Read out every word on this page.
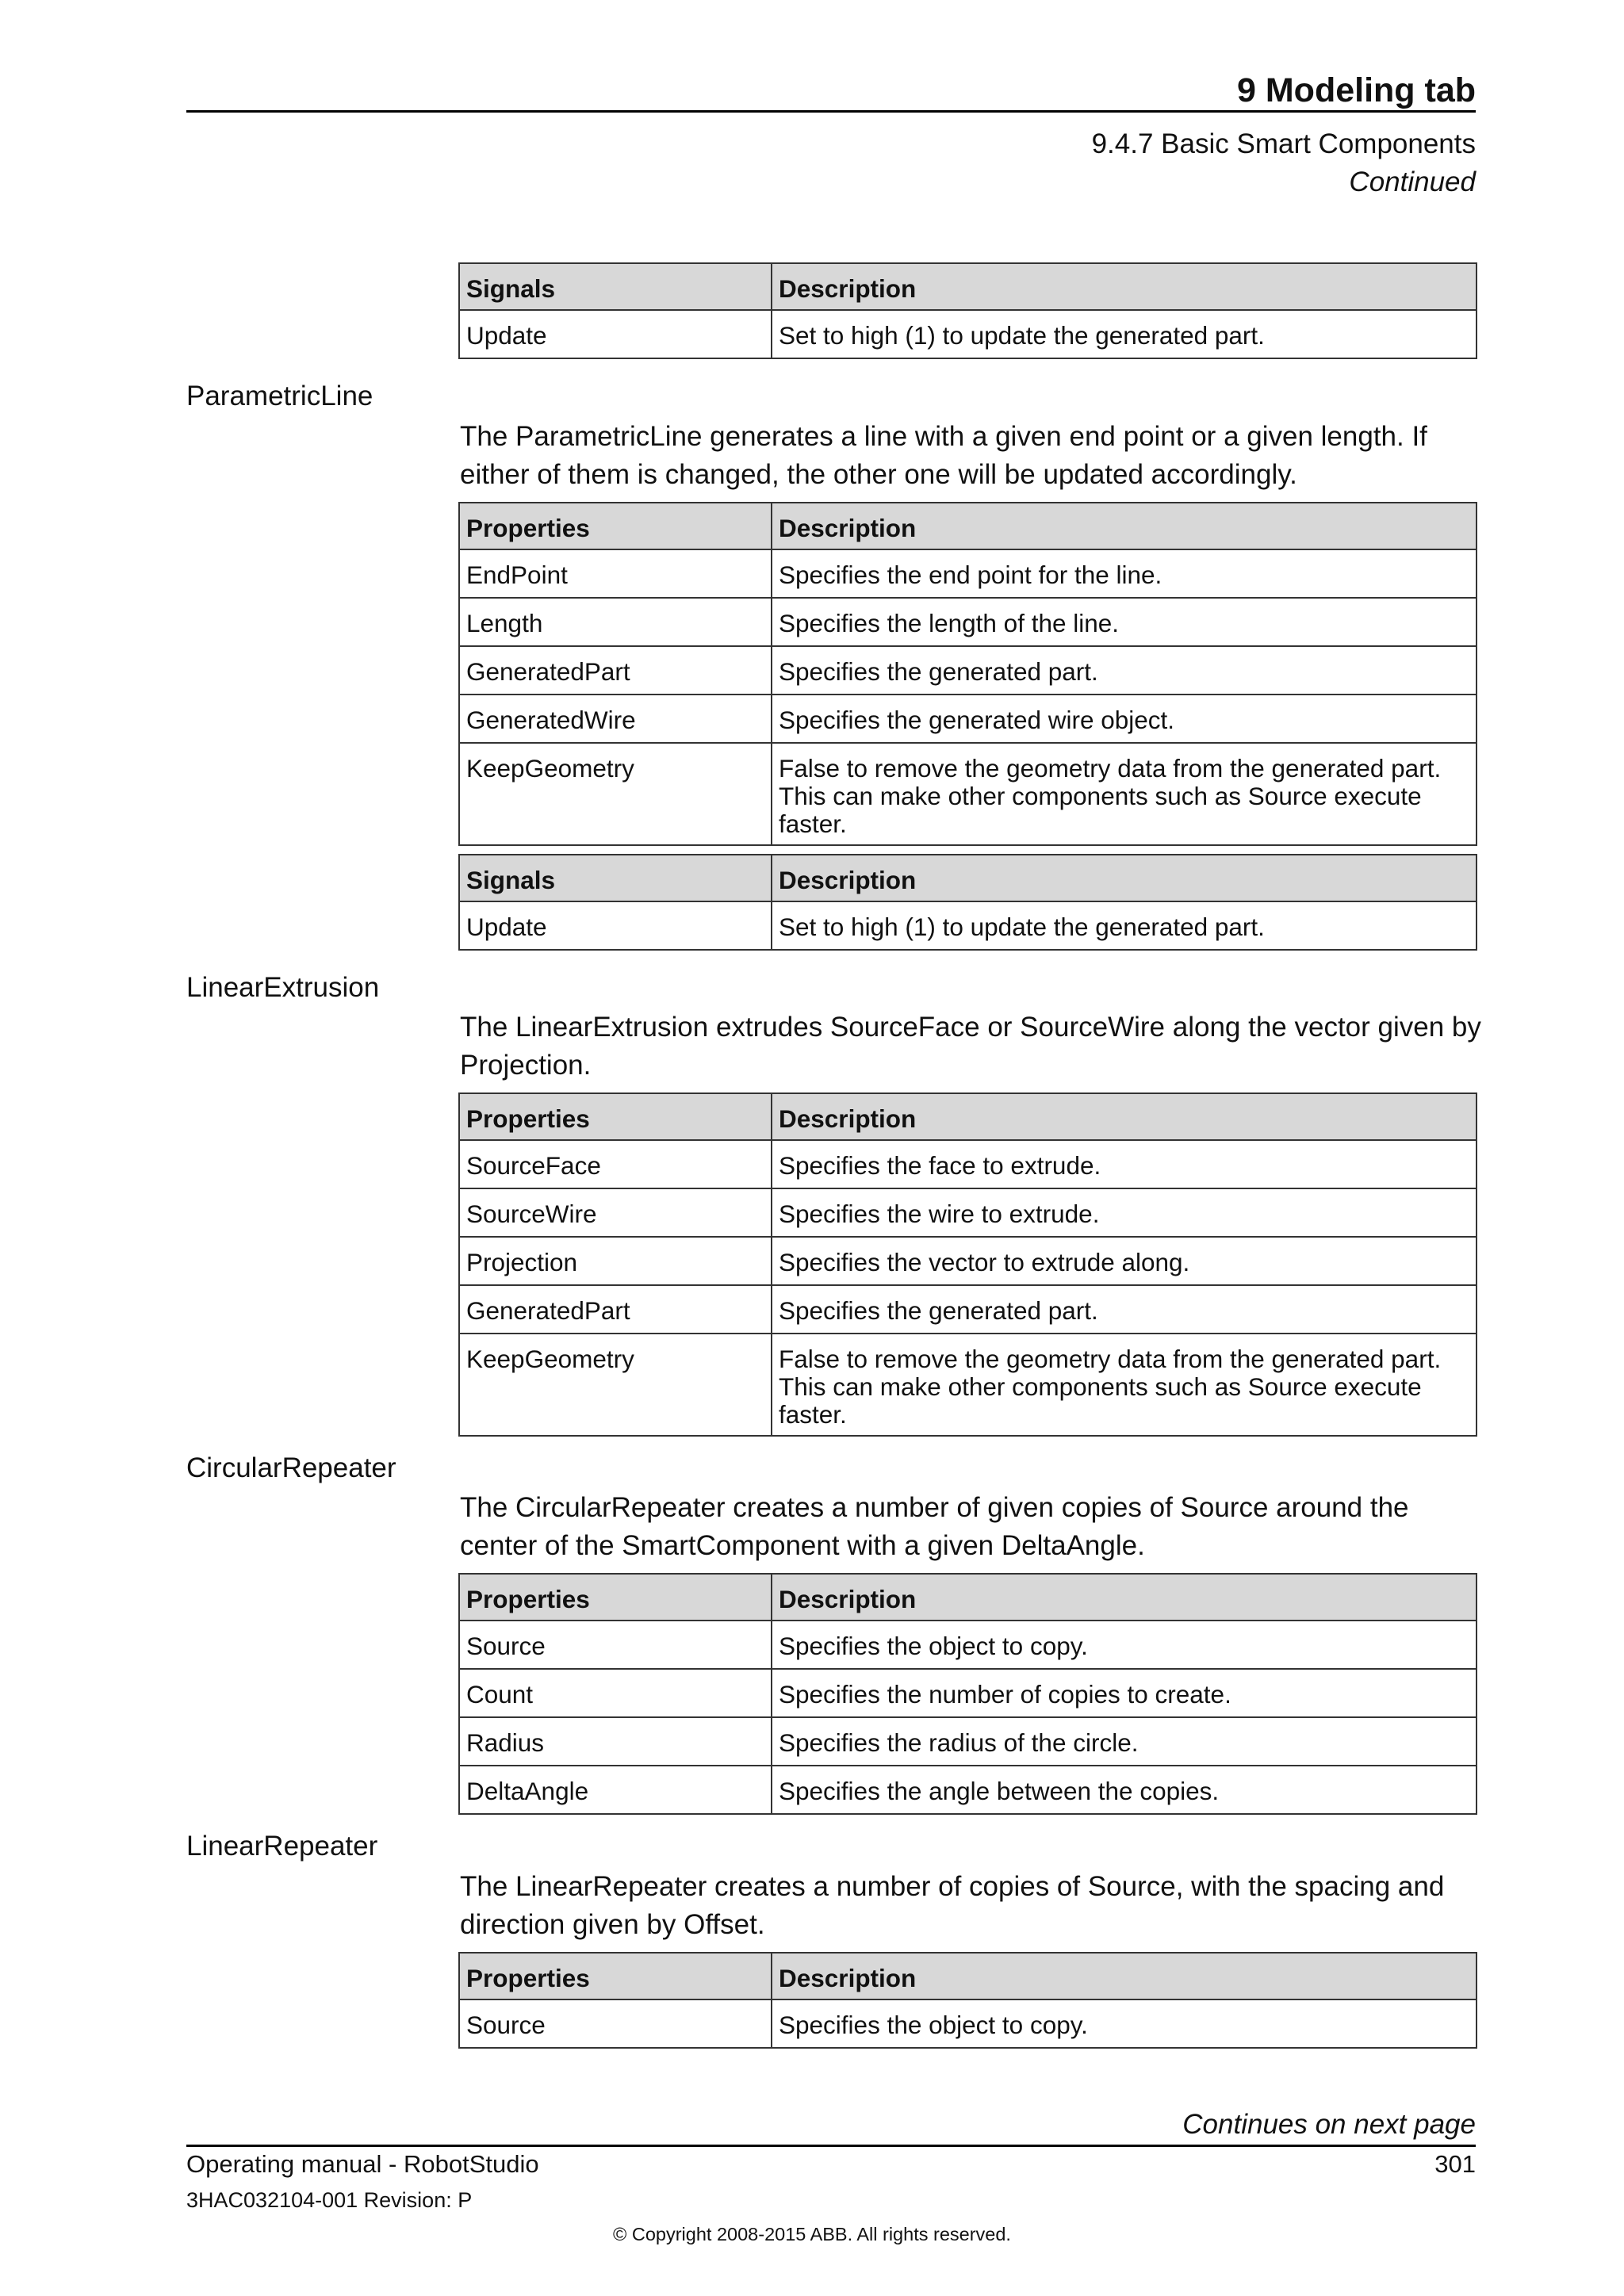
9 Modeling tab
9.4.7 Basic Smart Components
Continued
Signals	Description
Update	Set to high (1) to update the generated part.
ParametricLine
The ParametricLine generates a line with a given end point or a given length. If either of them is changed, the other one will be updated accordingly.
Properties	Description
EndPoint	Specifies the end point for the line.
Length	Specifies the length of the line.
GeneratedPart	Specifies the generated part.
GeneratedWire	Specifies the generated wire object.
KeepGeometry	False to remove the geometry data from the generated part. This can make other components such as Source execute faster.
Signals	Description
Update	Set to high (1) to update the generated part.
LinearExtrusion
The LinearExtrusion extrudes SourceFace or SourceWire along the vector given by Projection.
Properties	Description
SourceFace	Specifies the face to extrude.
SourceWire	Specifies the wire to extrude.
Projection	Specifies the vector to extrude along.
GeneratedPart	Specifies the generated part.
KeepGeometry	False to remove the geometry data from the generated part. This can make other components such as Source execute faster.
CircularRepeater
The CircularRepeater creates a number of given copies of Source around the center of the SmartComponent with a given DeltaAngle.
Properties	Description
Source	Specifies the object to copy.
Count	Specifies the number of copies to create.
Radius	Specifies the radius of the circle.
DeltaAngle	Specifies the angle between the copies.
LinearRepeater
The LinearRepeater creates a number of copies of Source, with the spacing and direction given by Offset.
Properties	Description
Source	Specifies the object to copy.
Continues on next page
Operating manual - RobotStudio	301
3HAC032104-001 Revision: P
© Copyright 2008-2015 ABB. All rights reserved.
